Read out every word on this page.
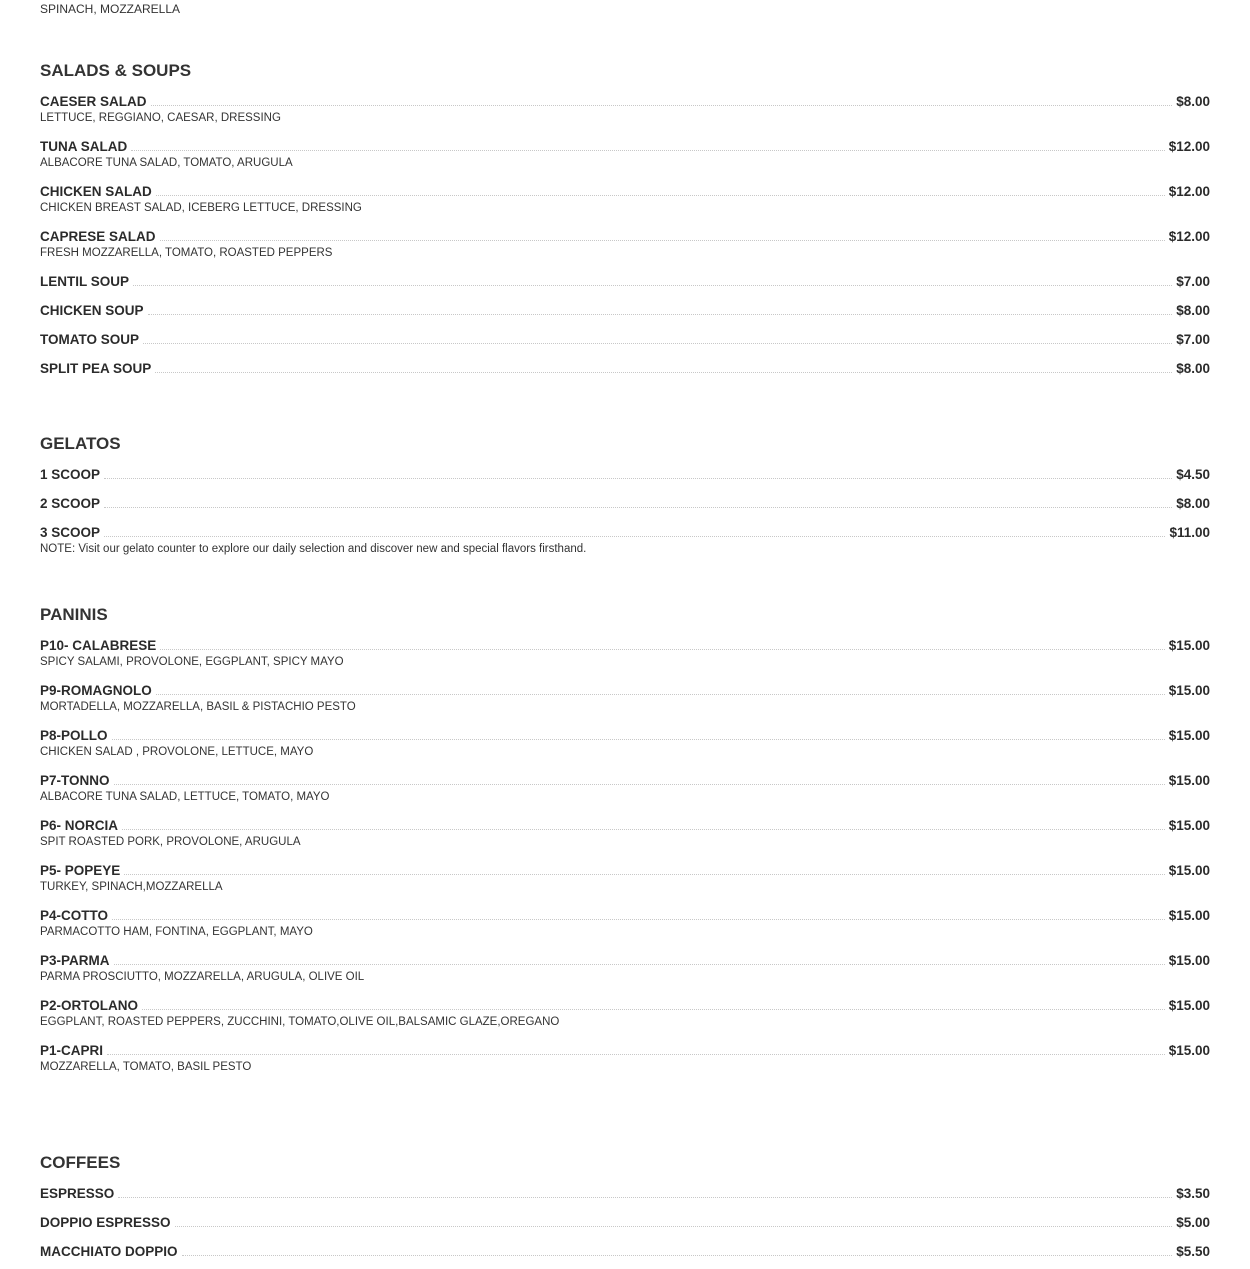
SPINACH, MOZZARELLA
SALADS & SOUPS
CAESER SALAD	$8.00
LETTUCE, REGGIANO, CAESAR, DRESSING
TUNA SALAD	$12.00
ALBACORE TUNA SALAD, TOMATO, ARUGULA
CHICKEN SALAD	$12.00
CHICKEN BREAST SALAD, ICEBERG LETTUCE, DRESSING
CAPRESE SALAD	$12.00
FRESH MOZZARELLA, TOMATO, ROASTED PEPPERS
LENTIL SOUP	$7.00
CHICKEN SOUP	$8.00
TOMATO SOUP	$7.00
SPLIT PEA SOUP	$8.00
GELATOS
1 SCOOP	$4.50
2 SCOOP	$8.00
3 SCOOP	$11.00
NOTE: Visit our gelato counter to explore our daily selection and discover new and special flavors firsthand.
PANINIS
P10- CALABRESE	$15.00
SPICY SALAMI, PROVOLONE, EGGPLANT, SPICY MAYO
P9-ROMAGNOLO	$15.00
MORTADELLA, MOZZARELLA, BASIL & PISTACHIO PESTO
P8-POLLO	$15.00
CHICKEN SALAD , PROVOLONE, LETTUCE, MAYO
P7-TONNO	$15.00
ALBACORE TUNA SALAD, LETTUCE, TOMATO, MAYO
P6- NORCIA	$15.00
SPIT ROASTED PORK, PROVOLONE, ARUGULA
P5- POPEYE	$15.00
TURKEY, SPINACH,MOZZARELLA
P4-COTTO	$15.00
PARMACOTTO HAM, FONTINA, EGGPLANT, MAYO
P3-PARMA	$15.00
PARMA PROSCIUTTO, MOZZARELLA, ARUGULA, OLIVE OIL
P2-ORTOLANO	$15.00
EGGPLANT, ROASTED PEPPERS, ZUCCHINI, TOMATO,OLIVE OIL,BALSAMIC GLAZE,OREGANO
P1-CAPRI	$15.00
MOZZARELLA, TOMATO, BASIL PESTO
COFFEES
ESPRESSO	$3.50
DOPPIO ESPRESSO	$5.00
MACCHIATO DOPPIO	$5.50
